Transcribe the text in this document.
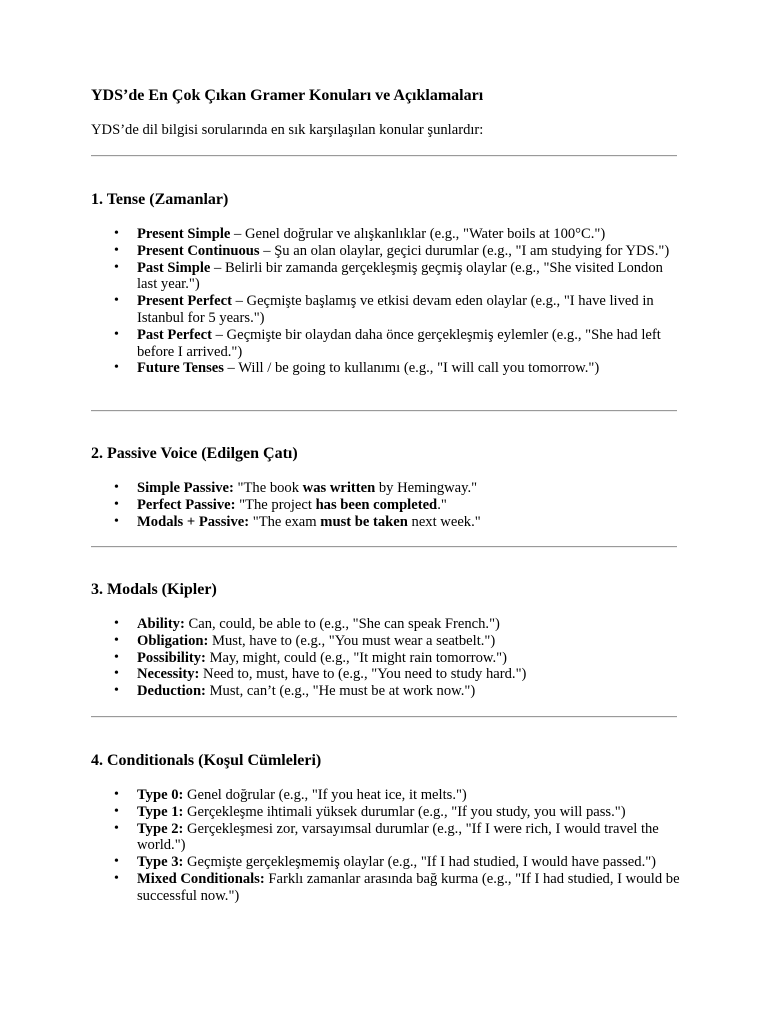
YDS’de En Çok Çıkan Gramer Konuları ve Açıklamaları

YDS’de dil bilgisi sorularında en sık karşılaşılan konular şunlardır:

1. Tense (Zamanlar)
• Present Simple – Genel doğrular ve alışkanlıklar (e.g., "Water boils at 100°C.")
• Present Continuous – Şu an olan olaylar, geçici durumlar (e.g., "I am studying for YDS.")
• Past Simple – Belirli bir zamanda gerçekleşmiş geçmiş olaylar (e.g., "She visited London last year.")
• Present Perfect – Geçmişte başlamış ve etkisi devam eden olaylar (e.g., "I have lived in Istanbul for 5 years.")
• Past Perfect – Geçmişte bir olaydan daha önce gerçekleşmiş eylemler (e.g., "She had left before I arrived.")
• Future Tenses – Will / be going to kullanımı (e.g., "I will call you tomorrow.")
2. Passive Voice (Edilgen Çatı)
• Simple Passive: "The book was written by Hemingway."
• Perfect Passive: "The project has been completed."
• Modals + Passive: "The exam must be taken next week."
3. Modals (Kipler)
• Ability: Can, could, be able to (e.g., "She can speak French.")
• Obligation: Must, have to (e.g., "You must wear a seatbelt.")
• Possibility: May, might, could (e.g., "It might rain tomorrow.")
• Necessity: Need to, must, have to (e.g., "You need to study hard.")
• Deduction: Must, can’t (e.g., "He must be at work now.")
4. Conditionals (Koşul Cümleleri)
• Type 0: Genel doğrular (e.g., "If you heat ice, it melts.")
• Type 1: Gerçekleşme ihtimali yüksek durumlar (e.g., "If you study, you will pass.")
• Type 2: Gerçekleşmesi zor, varsayımsal durumlar (e.g., "If I were rich, I would travel the world.")
• Type 3: Geçmişte gerçekleşmemiş olaylar (e.g., "If I had studied, I would have passed.")
• Mixed Conditionals: Farklı zamanlar arasında bağ kurma (e.g., "If I had studied, I would be successful now.")
